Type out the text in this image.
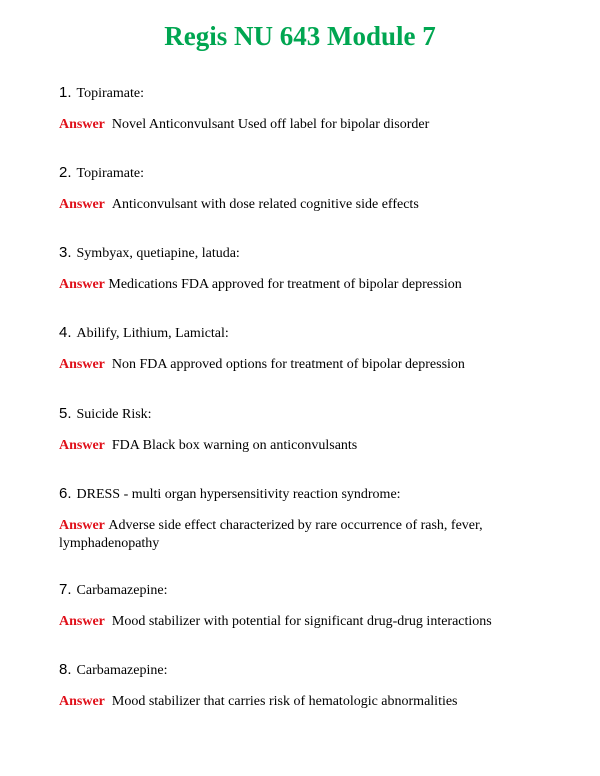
Regis NU 643 Module 7
1. Topiramate:
Answer Novel Anticonvulsant Used off label for bipolar disorder
2. Topiramate:
Answer Anticonvulsant with dose related cognitive side effects
3. Symbyax, quetiapine, latuda:
Answer Medications FDA approved for treatment of bipolar depression
4. Abilify, Lithium, Lamictal:
Answer Non FDA approved options for treatment of bipolar depression
5. Suicide Risk:
Answer FDA Black box warning on anticonvulsants
6. DRESS - multi organ hypersensitivity reaction syndrome:
Answer Adverse side effect characterized by rare occurrence of rash, fever, lymphadenopathy
7. Carbamazepine:
Answer Mood stabilizer with potential for significant drug-drug interactions
8. Carbamazepine:
Answer Mood stabilizer that carries risk of hematologic abnormalities
